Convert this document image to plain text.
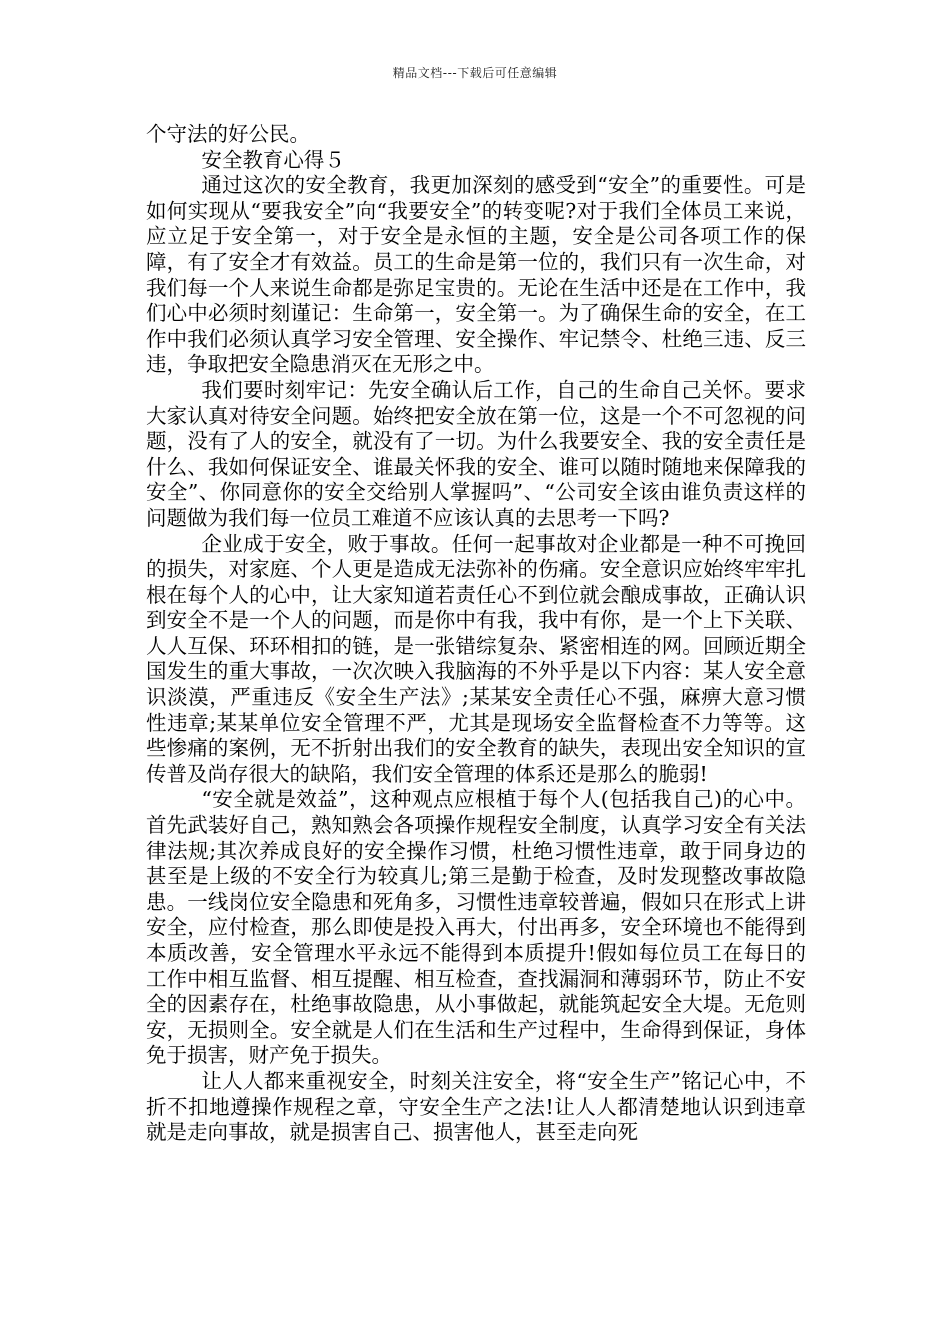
精品文档---下载后可任意编辑

个守法的好公民。

安全教育心得５

通过这次的安全教育，我更加深刻的感受到“安全”的重要性。可是如何实现从“要我安全”向“我要安全”的转变呢?对于我们全体员工来说，应立足于安全第一，对于安全是永恒的主题，安全是公司各项工作的保障，有了安全才有效益。员工的生命是第一位的，我们只有一次生命，对我们每一个人来说生命都是弥足宝贵的。无论在生活中还是在工作中，我们心中必须时刻谨记：生命第一，安全第一。为了确保生命的安全，在工作中我们必须认真学习安全管理、安全操作、牢记禁令、杜绝三违、反三违，争取把安全隐患消灭在无形之中。

我们要时刻牢记：先安全确认后工作，自己的生命自己关怀。要求大家认真对待安全问题。始终把安全放在第一位，这是一个不可忽视的问题，没有了人的安全，就没有了一切。为什么我要安全、我的安全责任是什么、我如何保证安全、谁最关怀我的安全、谁可以随时随地来保障我的安全”、你同意你的安全交给别人掌握吗”、“公司安全该由谁负责这样的问题做为我们每一位员工难道不应该认真的去思考一下吗?

企业成于安全，败于事故。任何一起事故对企业都是一种不可挽回的损失，对家庭、个人更是造成无法弥补的伤痛。安全意识应始终牢牢扎根在每个人的心中，让大家知道若责任心不到位就会酿成事故，正确认识到安全不是一个人的问题，而是你中有我，我中有你，是一个上下关联、人人互保、环环相扣的链，是一张错综复杂、紧密相连的网。回顾近期全国发生的重大事故，一次次映入我脑海的不外乎是以下内容：某人安全意识淡漠，严重违反《安全生产法》;某某安全责任心不强，麻痹大意习惯性违章;某某单位安全管理不严，尤其是现场安全监督检查不力等等。这些惨痛的案例，无不折射出我们的安全教育的缺失，表现出安全知识的宣传普及尚存很大的缺陷，我们安全管理的体系还是那么的脆弱!

“安全就是效益”，这种观点应根植于每个人(包括我自己)的心中。首先武装好自己，熟知熟会各项操作规程安全制度，认真学习安全有关法律法规;其次养成良好的安全操作习惯，杜绝习惯性违章，敢于同身边的甚至是上级的不安全行为较真儿;第三是勤于检查，及时发现整改事故隐患。一线岗位安全隐患和死角多，习惯性违章较普遍，假如只在形式上讲安全，应付检查，那么即使是投入再大，付出再多，安全环境也不能得到本质改善，安全管理水平永远不能得到本质提升!假如每位员工在每日的工作中相互监督、相互提醒、相互检查，查找漏洞和薄弱环节，防止不安全的因素存在，杜绝事故隐患，从小事做起，就能筑起安全大堤。无危则安，无损则全。安全就是人们在生活和生产过程中，生命得到保证，身体免于损害，财产免于损失。

让人人都来重视安全，时刻关注安全，将“安全生产”铭记心中，不折不扣地遵操作规程之章，守安全生产之法!让人人都清楚地认识到违章就是走向事故，就是损害自己、损害他人，甚至走向死
